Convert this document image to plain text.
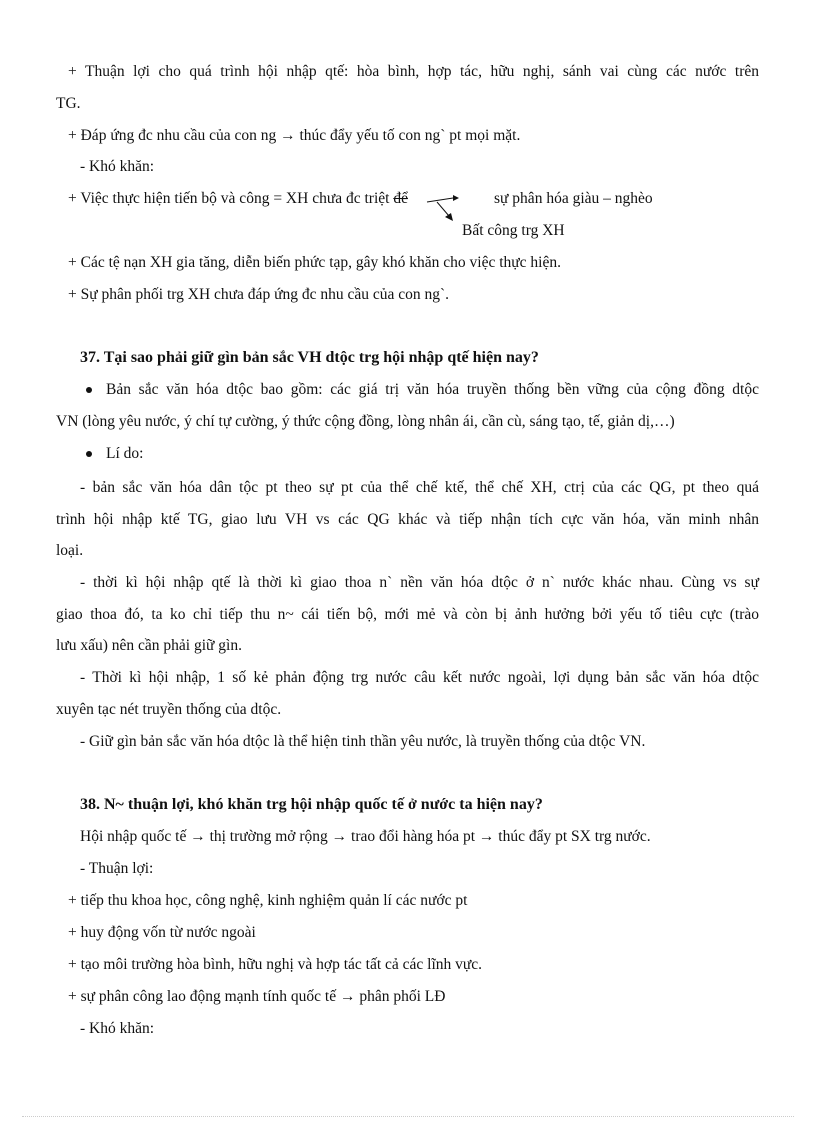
+ Thuận lợi cho quá trình hội nhập qtế: hòa bình, hợp tác, hữu nghị, sánh vai cùng các nước trên
TG.
+ Đáp ứng đc nhu cầu của con ng → thúc đẩy yếu tố con ng` pt mọi mặt.
- Khó khăn:
+ Việc thực hiện tiến bộ và công = XH chưa đc triệt để	sự phân hóa giàu – nghèo
Bất công trg XH
+ Các tệ nạn XH gia tăng, diễn biến phức tạp, gây khó khăn cho việc thực hiện.
+ Sự phân phối trg XH chưa đáp ứng đc nhu cầu của con ng`.
37. Tại sao phải giữ gìn bản sắc VH dtộc trg hội nhập qtế hiện nay?
Bản sắc văn hóa dtộc bao gồm: các giá trị văn hóa truyền thống bền vững của cộng đồng dtộc
VN (lòng yêu nước, ý chí tự cường, ý thức cộng đồng, lòng nhân ái, cần cù, sáng tạo, tế, giản dị,…)
Lí do:
- bản sắc văn hóa dân tộc pt theo sự pt của thể chế ktế, thể chế XH, ctrị của các QG, pt theo quá
trình hội nhập ktế TG, giao lưu VH vs các QG khác và tiếp nhận tích cực văn hóa, văn minh nhân
loại.
- thời kì hội nhập qtế là thời kì giao thoa n` nền văn hóa dtộc ở n` nước khác nhau. Cùng vs sự
giao thoa đó, ta ko chỉ tiếp thu n~ cái tiến bộ, mới mẻ và còn bị ảnh hưởng bởi yếu tố tiêu cực (trào
lưu xấu) nên cần phải giữ gìn.
- Thời kì hội nhập, 1 số kẻ phản động trg nước câu kết nước ngoài, lợi dụng bản sắc văn hóa dtộc
xuyên tạc nét truyền thống của dtộc.
- Giữ gìn bản sắc văn hóa dtộc là thể hiện tinh thần yêu nước, là truyền thống của dtộc VN.
38. N~ thuận lợi, khó khăn trg hội nhập quốc tế ở nước ta hiện nay?
Hội nhập quốc tế → thị trường mở rộng → trao đổi hàng hóa pt → thúc đẩy pt SX trg nước.
- Thuận lợi:
+ tiếp thu khoa học, công nghệ, kinh nghiệm quản lí các nước pt
+ huy động vốn từ nước ngoài
+ tạo môi trường hòa bình, hữu nghị và hợp tác tất cả các lĩnh vực.
+ sự phân công lao động mạnh tính quốc tế → phân phối LĐ
- Khó khăn:
